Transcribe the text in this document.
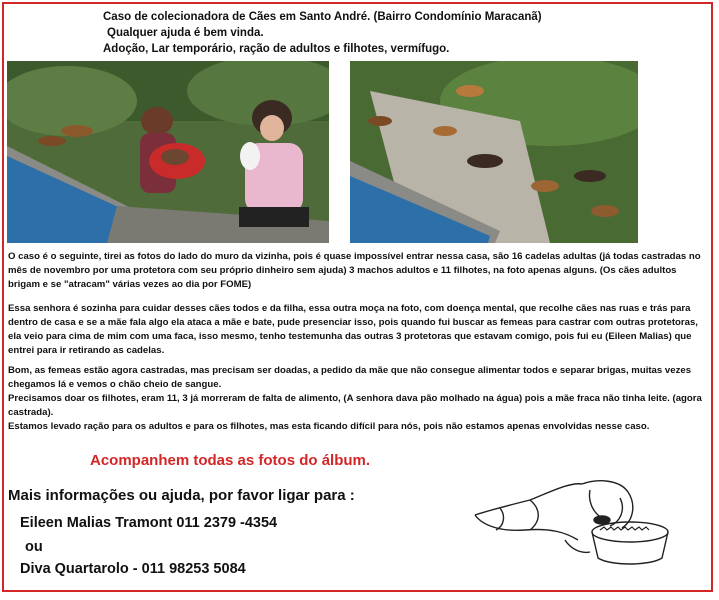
Caso de colecionadora de Cães em Santo André. (Bairro Condomínio Maracanã)
Qualquer ajuda é bem vinda.
Adoção, Lar temporário, ração de adultos e filhotes, vermífugo.
O caso é o seguinte, tirei as fotos do lado do muro da vizinha, pois é quase impossível entrar nessa casa, são 16 cadelas adultas (já todas castradas no mês de novembro por uma protetora com seu próprio dinheiro sem ajuda) 3 machos adultos e 11 filhotes, na foto apenas alguns. (Os cães adultos brigam e se "atracam" várias vezes ao dia por FOME)
Essa senhora é sozinha para cuidar desses cães todos e da filha, essa outra moça na foto, com doença mental, que recolhe cães nas ruas e trás para dentro de casa e se a mãe fala algo ela ataca a mãe e bate, pude presenciar isso, pois quando fui buscar as femeas para castrar com outras protetoras, ela veio para cima de mim com uma faca, isso mesmo, tenho testemunha das outras 3 protetoras que estavam comigo, pois fui eu (Eileen Malias) que entrei para ir retirando as cadelas.
Bom, as femeas estão agora castradas, mas precisam ser doadas, a pedido da mãe que não consegue alimentar todos e separar brigas, muitas vezes chegamos lá e vemos o chão cheio de sangue.
Precisamos doar os filhotes, eram 11, 3 já morreram de falta de alimento, (A senhora dava pão molhado na água) pois a mãe fraca não tinha leite. (agora castrada).
Estamos levado ração para os adultos e para os filhotes, mas esta ficando difícil para nós, pois não estamos apenas envolvidas nesse caso.
Acompanhem todas as fotos do álbum.
Mais informações ou ajuda, por favor ligar para :
Eileen Malias Tramont 011 2379 -4354
ou
Diva Quartarolo - 011 98253 5084
